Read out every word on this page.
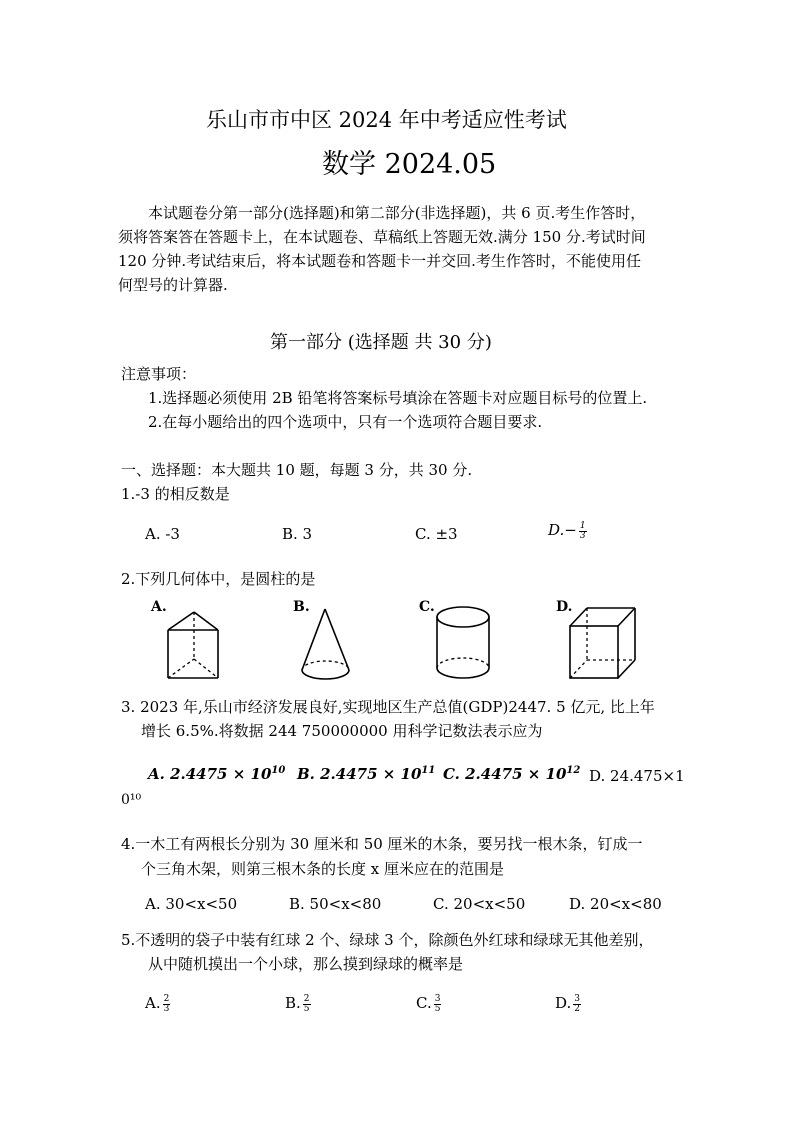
乐山市市中区 2024 年中考适应性考试
数学 2024.05
本试题卷分第一部分(选择题)和第二部分(非选择题)，共 6 页.考生作答时，
须将答案答在答题卡上，在本试题卷、草稿纸上答题无效.满分 150 分.考试时间
120 分钟.考试结束后，将本试题卷和答题卡一并交回.考生作答时，不能使用任
何型号的计算器.
第一部分 (选择题 共 30 分)
注意事项：
1.选择题必须使用 2B 铅笔将答案标号填涂在答题卡对应题目标号的位置上.
2.在每小题给出的四个选项中，只有一个选项符合题目要求.
一、选择题：本大题共 10 题，每题 3 分，共 30 分.
1.-3 的相反数是
A. -3	B. 3	C. ±3	$D.- \frac{1}{3}$
2.下列几何体中，是圆柱的是
A.	B.	C.	D.
3. 2023 年,乐山市经济发展良好,实现地区生产总值(GDP)2447. 5 亿元, 比上年
增长 6.5%.将数据 244 750000000 用科学记数法表示应为
A. $2.4475 \times 10^{10}$ B. $2.4475 \times 10^{11}$ C. $2.4475 \times 10^{12}$ D. 24.475×1
0¹⁰
4.一木工有两根长分别为 30 厘米和 50 厘米的木条，要另找一根木条，钉成一
个三角木架，则第三根木条的长度 x 厘米应在的范围是
A. 30<x<50	B. 50<x<80	C. 20<x<50	D. 20<x<80
5.不透明的袋子中装有红球 2 个、绿球 3 个，除颜色外红球和绿球无其他差别，
从中随机摸出一个小球，那么摸到绿球的概率是
A. $\frac{2}{3}$	B. $\frac{2}{5}$	C. $\frac{3}{5}$	D. $\frac{3}{2}$
